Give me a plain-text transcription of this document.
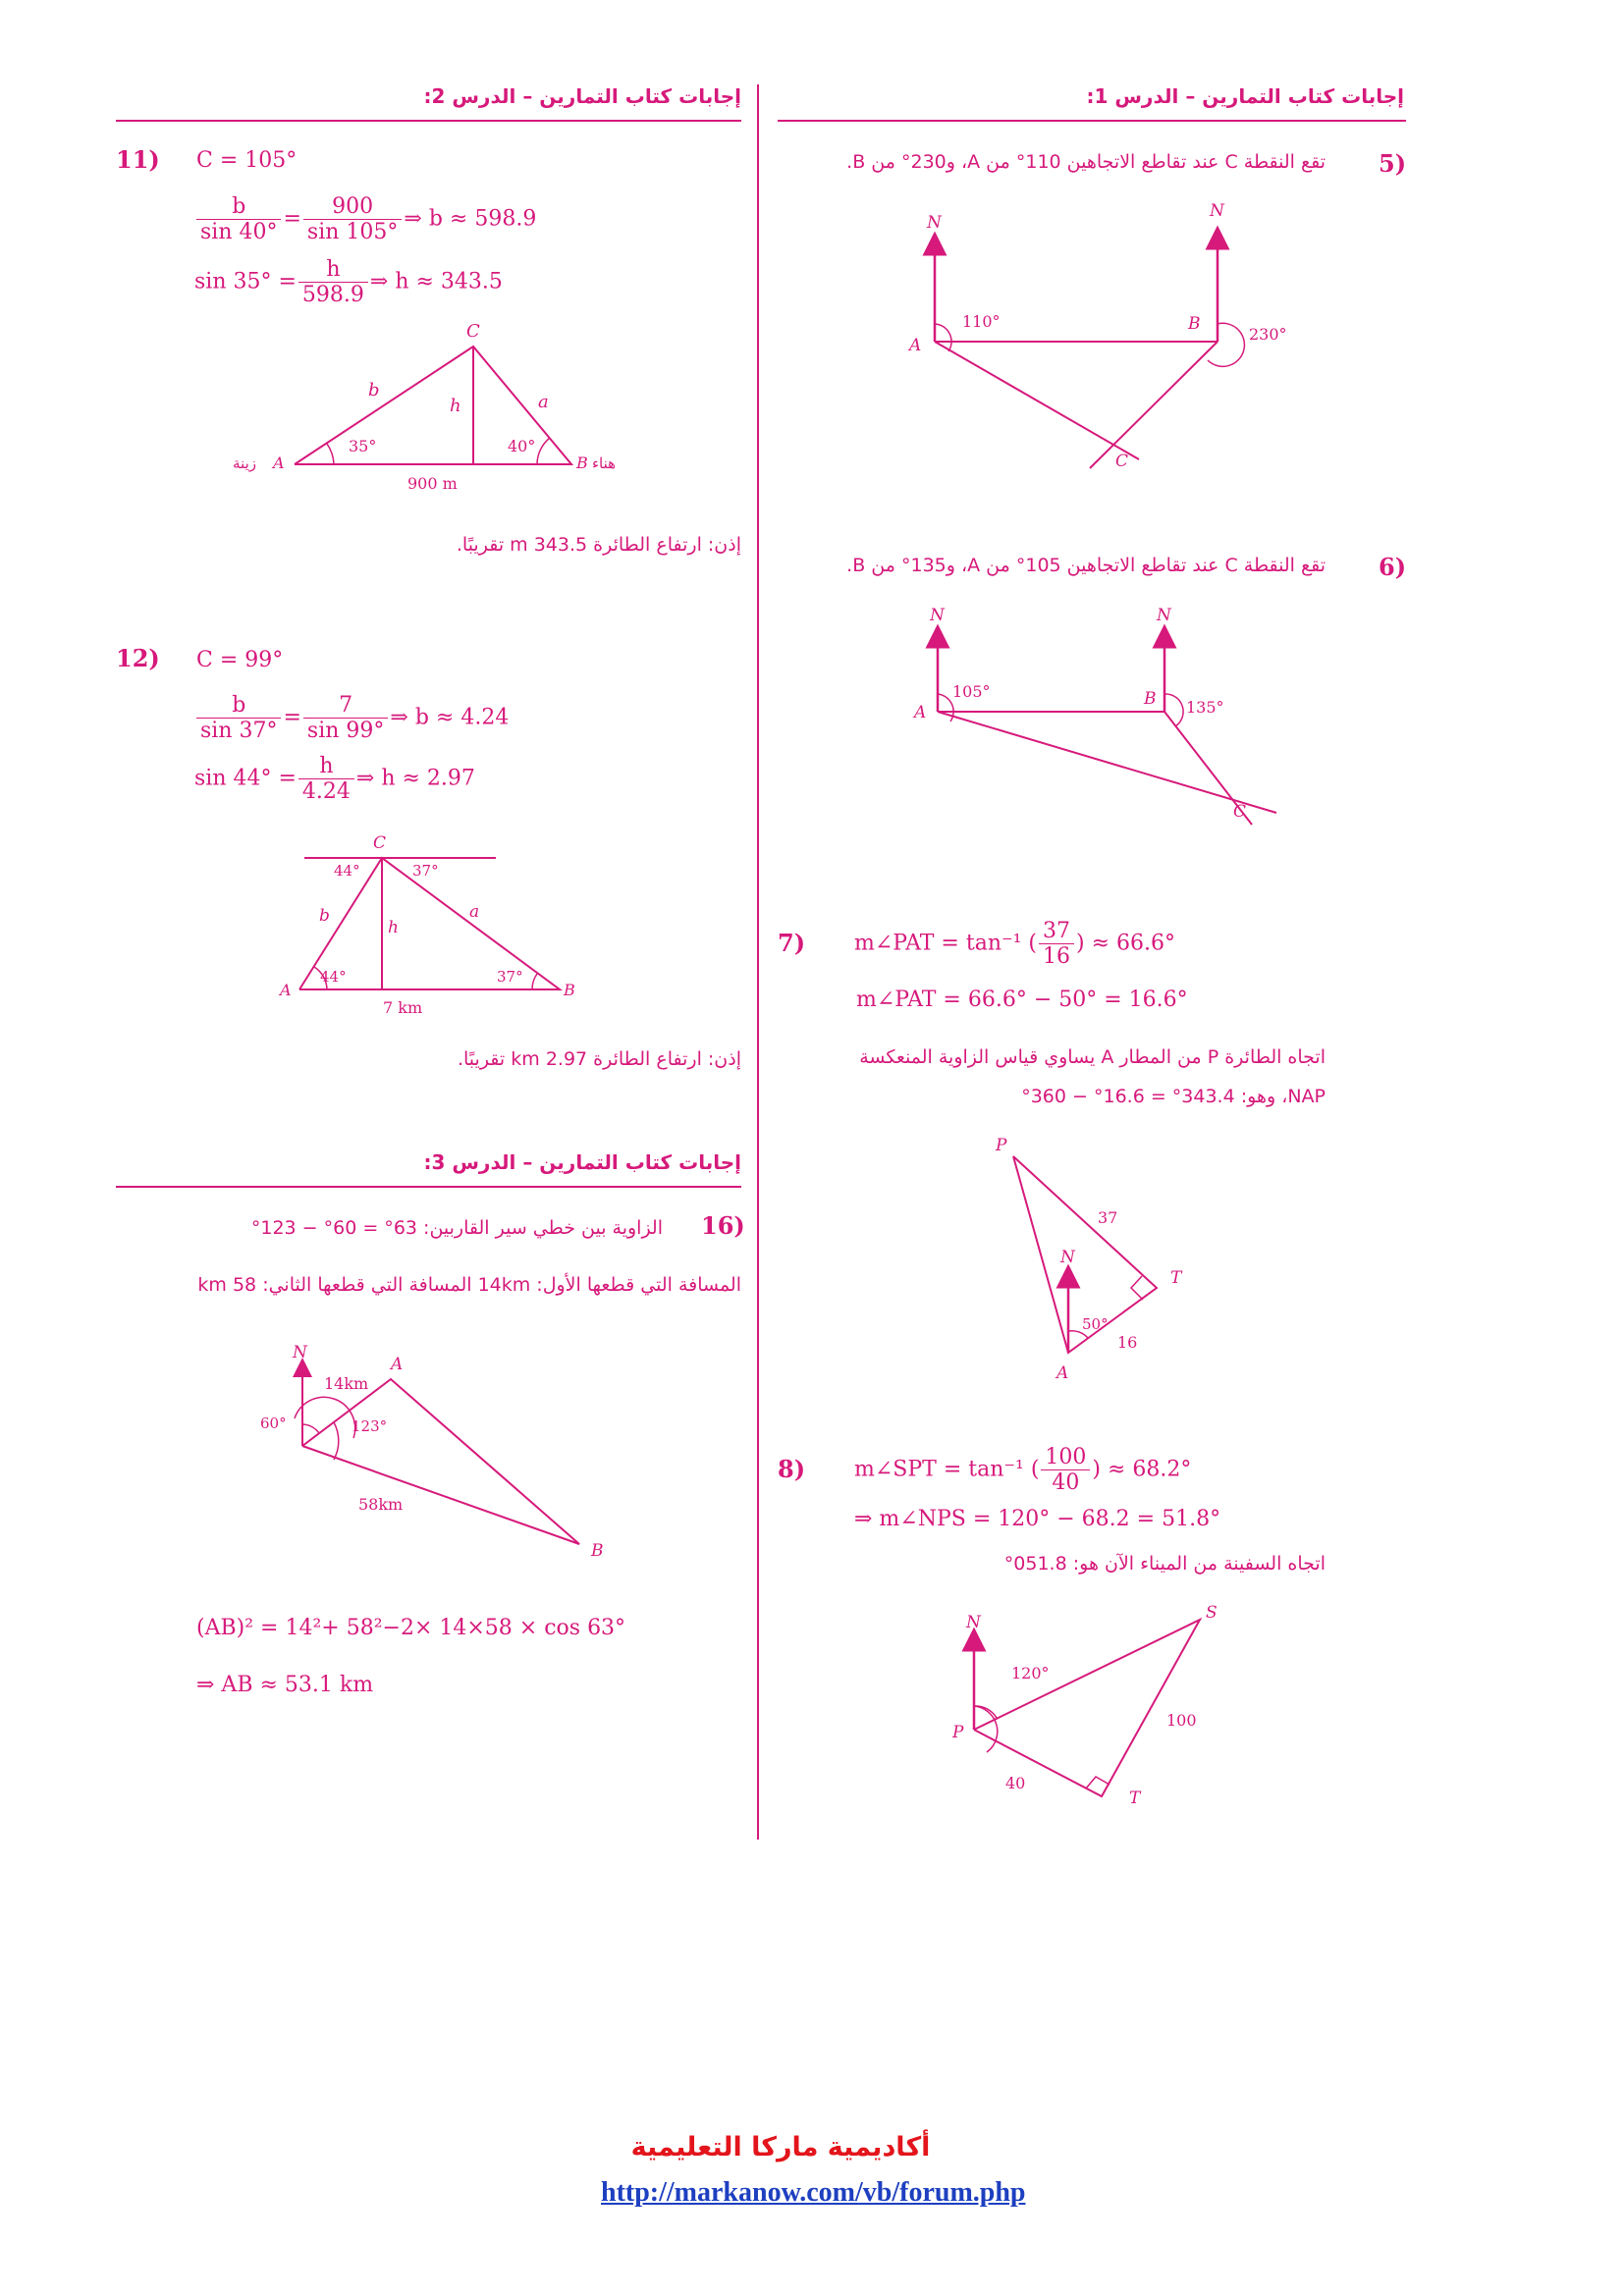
إجابات كتاب التمارين – الدرس 2:	إجابات كتاب التمارين – الدرس 1:
11) C = 105°
$\frac{b}{\sin 40^\circ} = \frac{900}{\sin 105^\circ}$ ⇒ b ≈ 598.9
$\sin 35^\circ = \frac{h}{598.9}$ ⇒ h ≈ 343.5
C
b
h	a
A
زينة	B هناء
35°	40°
900 m
إذن: ارتفاع الطائرة 343.5 m تقريبًا.
12) C = 99°
$\frac{b}{\sin 37^\circ} = \frac{7}{\sin 99^\circ}$ ⇒ b ≈ 4.24
$\sin 44^\circ = \frac{h}{4.24}$ ⇒ h ≈ 2.97
C
44°	37°
b
h
a
A	B
44°	37°
7 km
إذن: ارتفاع الطائرة 2.97 km تقريبًا.
إجابات كتاب التمارين – الدرس 3:
16)
الزاوية بين خطي سير القاربين: 63° = 60° − 123°
المسافة التي قطعها الأول: 14km المسافة التي قطعها الثاني: 58 km
N
A
B
14km
58km
60°	123°
(AB)² = 14²+ 58²−2× 14×58 × cos 63°
⇒ AB ≈ 53.1 km
5)
تقع النقطة C عند تقاطع الاتجاهين 110° من A، و230° من B.
N
N
A
B
C
110°
230°
6)
تقع النقطة C عند تقاطع الاتجاهين 105° من A، و135° من B.
N	N
A
B
C
105°
135°
7) m∠PAT = tan⁻¹ ( $\frac{37}{16}$ ) ≈ 66.6°
m∠PAT = 66.6° − 50° = 16.6°
اتجاه الطائرة P من المطار A يساوي قياس الزاوية المنعكسة
NAP، وهو: 343.4° = 16.6° − 360°
P
T
N
A
37
16
50°
8) m∠SPT = tan⁻¹ ( $\frac{100}{40}$ ) ≈ 68.2°
⇒ m∠NPS = 120° − 68.2 = 51.8°
اتجاه السفينة من الميناء الآن هو: 051.8°
N	S
P
T
120°
100
40
أكاديمية ماركا التعليمية
http://markanow.com/vb/forum.php
